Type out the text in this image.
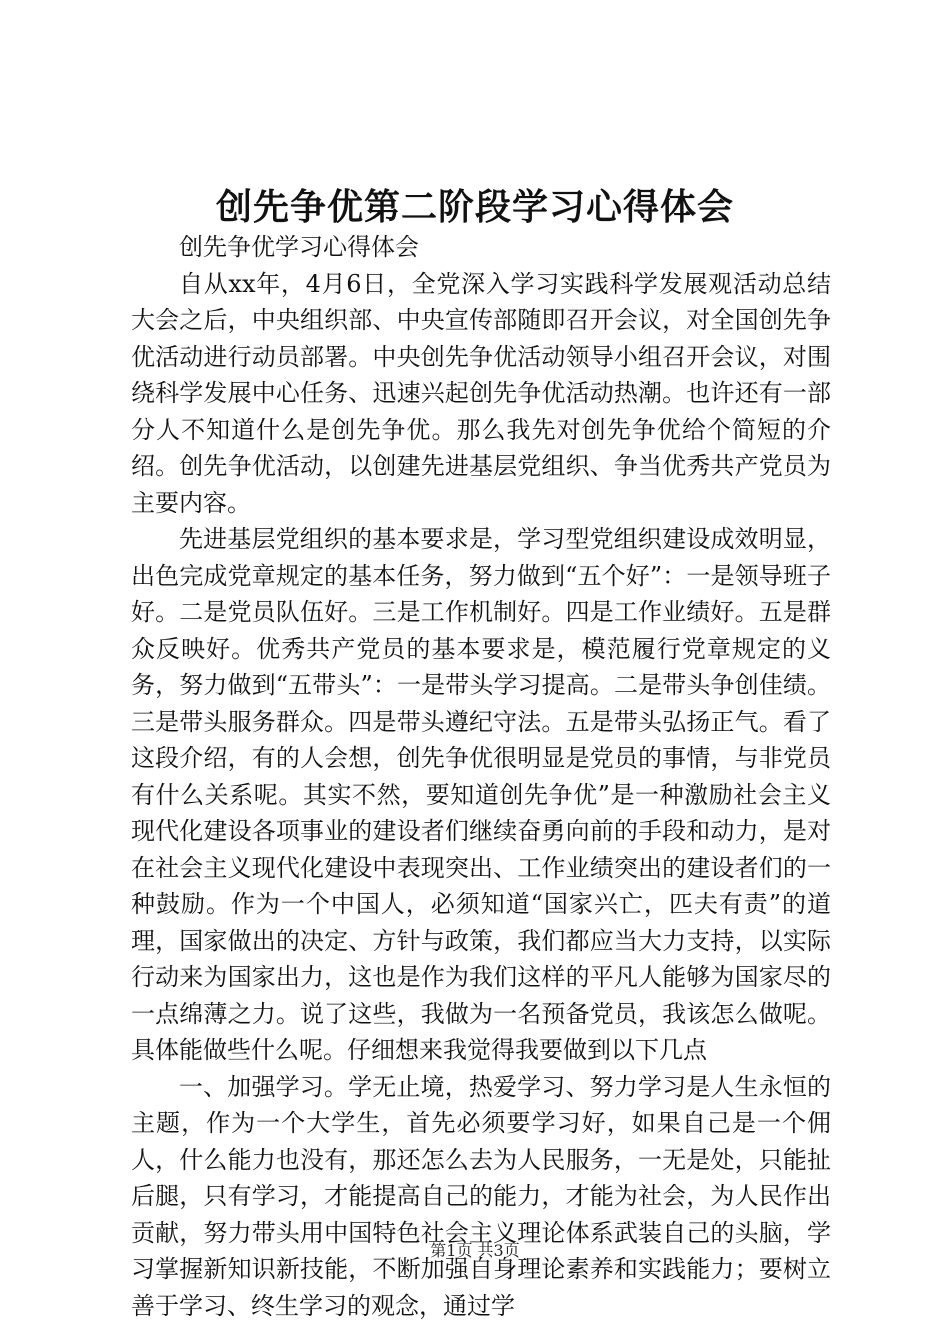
创先争优第二阶段学习心得体会

创先争优学习心得体会

自从xx年，4月6日，全党深入学习实践科学发展观活动总结大会之后，中央组织部、中央宣传部随即召开会议，对全国创先争优活动进行动员部署。中央创先争优活动领导小组召开会议，对围绕科学发展中心任务、迅速兴起创先争优活动热潮。也许还有一部分人不知道什么是创先争优。那么我先对创先争优给个简短的介绍。创先争优活动，以创建先进基层党组织、争当优秀共产党员为主要内容。

先进基层党组织的基本要求是，学习型党组织建设成效明显，出色完成党章规定的基本任务，努力做到“五个好”：一是领导班子好。二是党员队伍好。三是工作机制好。四是工作业绩好。五是群众反映好。优秀共产党员的基本要求是，模范履行党章规定的义务，努力做到“五带头”：一是带头学习提高。二是带头争创佳绩。三是带头服务群众。四是带头遵纪守法。五是带头弘扬正气。看了这段介绍，有的人会想，创先争优很明显是党员的事情，与非党员有什么关系呢。其实不然，要知道创先争优”是一种激励社会主义现代化建设各项事业的建设者们继续奋勇向前的手段和动力，是对在社会主义现代化建设中表现突出、工作业绩突出的建设者们的一种鼓励。作为一个中国人，必须知道“国家兴亡，匹夫有责”的道理，国家做出的决定、方针与政策，我们都应当大力支持，以实际行动来为国家出力，这也是作为我们这样的平凡人能够为国家尽的一点绵薄之力。说了这些，我做为一名预备党员，我该怎么做呢。具体能做些什么呢。仔细想来我觉得我要做到以下几点

一、加强学习。学无止境，热爱学习、努力学习是人生永恒的主题，作为一个大学生，首先必须要学习好，如果自己是一个佣人，什么能力也没有，那还怎么去为人民服务，一无是处，只能扯后腿，只有学习，才能提高自己的能力，才能为社会，为人民作出贡献，努力带头用中国特色社会主义理论体系武装自己的头脑，学习掌握新知识新技能，不断加强自身理论素养和实践能力；要树立善于学习、终生学习的观念，通过学

第1页 共3页
